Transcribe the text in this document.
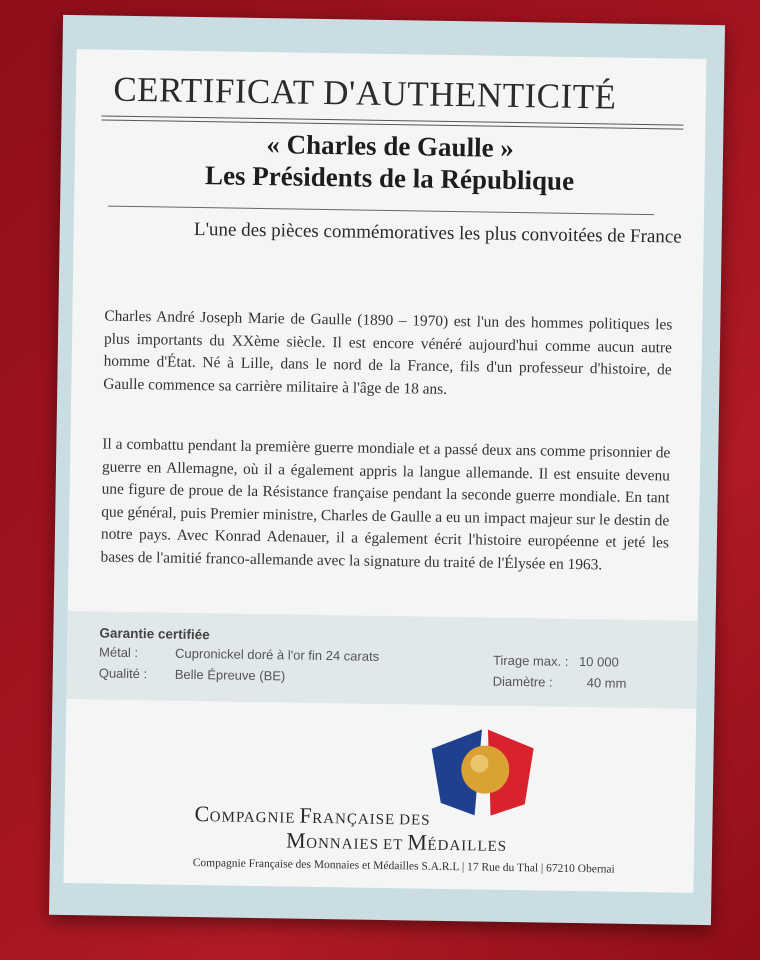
CERTIFICAT D'AUTHENTICITÉ
« Charles de Gaulle »
Les Présidents de la République
L'une des pièces commémoratives les plus convoitées de France
Charles André Joseph Marie de Gaulle (1890 – 1970) est l'un des hommes politiques les plus importants du XXème siècle. Il est encore vénéré aujourd'hui comme aucun autre homme d'État. Né à Lille, dans le nord de la France, fils d'un professeur d'histoire, de Gaulle commence sa carrière militaire à l'âge de 18 ans.
Il a combattu pendant la première guerre mondiale et a passé deux ans comme prisonnier de guerre en Allemagne, où il a également appris la langue allemande. Il est ensuite devenu une figure de proue de la Résistance française pendant la seconde guerre mondiale. En tant que général, puis Premier ministre, Charles de Gaulle a eu un impact majeur sur le destin de notre pays. Avec Konrad Adenauer, il a également écrit l'histoire européenne et jeté les bases de l'amitié franco-allemande avec la signature du traité de l'Élysée en 1963.
Garantie certifiée
Métal :	Cupronickel doré à l'or fin 24 carats
Qualité : Belle Épreuve (BE)
Tirage max. : 10 000
Diamètre :	40 mm
COMPAGNIE FRANÇAISE DES
MONNAIES ET MÉDAILLES
Compagnie Française des Monnaies et Médailles S.A.R.L | 17 Rue du Thal | 67210 Obernai
